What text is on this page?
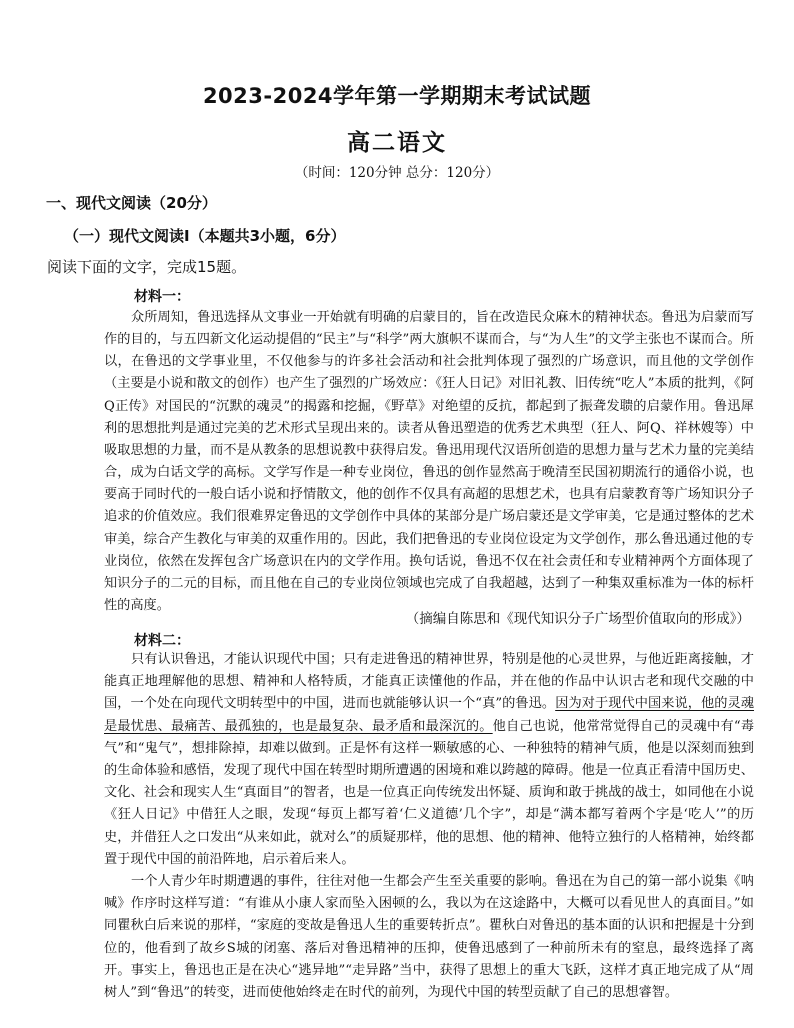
2023-2024学年第一学期期末考试试题
高二语文
（时间：120分钟 总分：120分）
一、现代文阅读（20分）
（一）现代文阅读Ⅰ（本题共3小题，6分）
阅读下面的文字，完成15题。
材料一：
众所周知，鲁迅选择从文事业一开始就有明确的启蒙目的，旨在改造民众麻木的精神状态。鲁迅为启蒙而写作的目的，与五四新文化运动提倡的“民主”与“科学”两大旗帜不谋而合，与“为人生”的文学主张也不谋而合。所以，在鲁迅的文学事业里，不仅他参与的许多社会活动和社会批判体现了强烈的广场意识，而且他的文学创作（主要是小说和散文的创作）也产生了强烈的广场效应：《狂人日记》对旧礼教、旧传统“吃人”本质的批判，《阿Q正传》对国民的“沉默的魂灵”的揭露和挖掘，《野草》对绝望的反抗，都起到了振聋发聩的启蒙作用。鲁迅犀利的思想批判是通过完美的艺术形式呈现出来的。读者从鲁迅塑造的优秀艺术典型（狂人、阿Q、祥林嫂等）中吸取思想的力量，而不是从教条的思想说教中获得启发。鲁迅用现代汉语所创造的思想力量与艺术力量的完美结合，成为白话文学的高标。文学写作是一种专业岗位，鲁迅的创作显然高于晚清至民国初期流行的通俗小说，也要高于同时代的一般白话小说和抒情散文，他的创作不仅具有高超的思想艺术，也具有启蒙教育等广场知识分子追求的价值效应。我们很难界定鲁迅的文学创作中具体的某部分是广场启蒙还是文学审美，它是通过整体的艺术审美，综合产生教化与审美的双重作用的。因此，我们把鲁迅的专业岗位设定为文学创作，那么鲁迅通过他的专业岗位，依然在发挥包含广场意识在内的文学作用。换句话说，鲁迅不仅在社会责任和专业精神两个方面体现了知识分子的二元的目标，而且他在自己的专业岗位领域也完成了自我超越，达到了一种集双重标准为一体的标杆性的高度。
（摘编自陈思和《现代知识分子广场型价值取向的形成》）
材料二：
只有认识鲁迅，才能认识现代中国；只有走进鲁迅的精神世界，特别是他的心灵世界，与他近距离接触，才能真正地理解他的思想、精神和人格特质，才能真正读懂他的作品，并在他的作品中认识古老和现代交融的中国，一个处在向现代文明转型中的中国，进而也就能够认识一个“真”的鲁迅。因为对于现代中国来说，他的灵魂是最忧患、最痛苦、最孤独的，也是最复杂、最矛盾和最深沉的。他自己也说，他常常觉得自己的灵魂中有“毒气”和“鬼气”，想排除掉，却难以做到。正是怀有这样一颗敏感的心、一种独特的精神气质，他是以深刻而独到的生命体验和感悟，发现了现代中国在转型时期所遭遇的困境和难以跨越的障碍。他是一位真正看清中国历史、文化、社会和现实人生“真面目”的智者，也是一位真正向传统发出怀疑、质询和敢于挑战的战士，如同他在小说《狂人日记》中借狂人之眼，发现“每页上都写着‘仁义道德’几个字”，却是“满本都写着两个字是‘吃人’”的历史，并借狂人之口发出“从来如此，就对么”的质疑那样，他的思想、他的精神、他特立独行的人格精神，始终都置于现代中国的前沿阵地，启示着后来人。
一个人青少年时期遭遇的事件，往往对他一生都会产生至关重要的影响。鲁迅在为自己的第一部小说集《呐喊》作序时这样写道：“有谁从小康人家而坠入困顿的么，我以为在这途路中，大概可以看见世人的真面目。”如同瞿秋白后来说的那样，“家庭的变故是鲁迅人生的重要转折点”。瞿秋白对鲁迅的基本面的认识和把握是十分到位的，他看到了故乡S城的闭塞、落后对鲁迅精神的压抑，使鲁迅感到了一种前所未有的窒息，最终选择了离开。事实上，鲁迅也正是在决心“逃异地”“走异路”当中，获得了思想上的重大飞跃，这样才真正地完成了从“周树人”到“鲁迅”的转变，进而使他始终走在时代的前列，为现代中国的转型贡献了自己的思想睿智。
